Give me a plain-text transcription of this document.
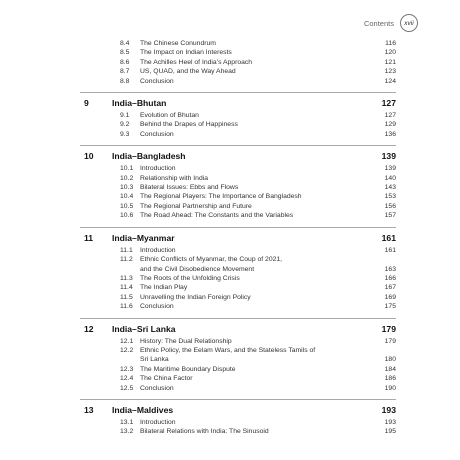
Contents	xvii
8.4	The Chinese Conundrum	116
8.5	The Impact on Indian Interests	120
8.6	The Achilles Heel of India’s Approach	121
8.7	US, QUAD, and the Way Ahead	123
8.8	Conclusion	124
9	India–Bhutan	127
9.1	Evolution of Bhutan	127
9.2	Behind the Drapes of Happiness	129
9.3	Conclusion	136
10	India–Bangladesh	139
10.1 Introduction	139
10.2 Relationship with India	140
10.3 Bilateral Issues: Ebbs and Flows	143
10.4 The Regional Players: The Importance of Bangladesh	153
10.5 The Regional Partnership and Future	156
10.6 The Road Ahead: The Constants and the Variables	157
11	India–Myanmar	161
11.1	Introduction	161
11.2	Ethnic Conflicts of Myanmar, the Coup of 2021,
and the Civil Disobedience Movement	163
11.3	The Roots of the Unfolding Crisis	166
11.4	The Indian Play	167
11.5	Unravelling the Indian Foreign Policy	169
11.6	Conclusion	175
12	India–Sri Lanka	179
12.1 History: The Dual Relationship	179
12.2 Ethnic Policy, the Eelam Wars, and the Stateless Tamils of
Sri Lanka	180
12.3 The Maritime Boundary Dispute	184
12.4 The China Factor	186
12.5 Conclusion	190
13	India–Maldives	193
13.1 Introduction	193
13.2 Bilateral Relations with India: The Sinusoid	195
